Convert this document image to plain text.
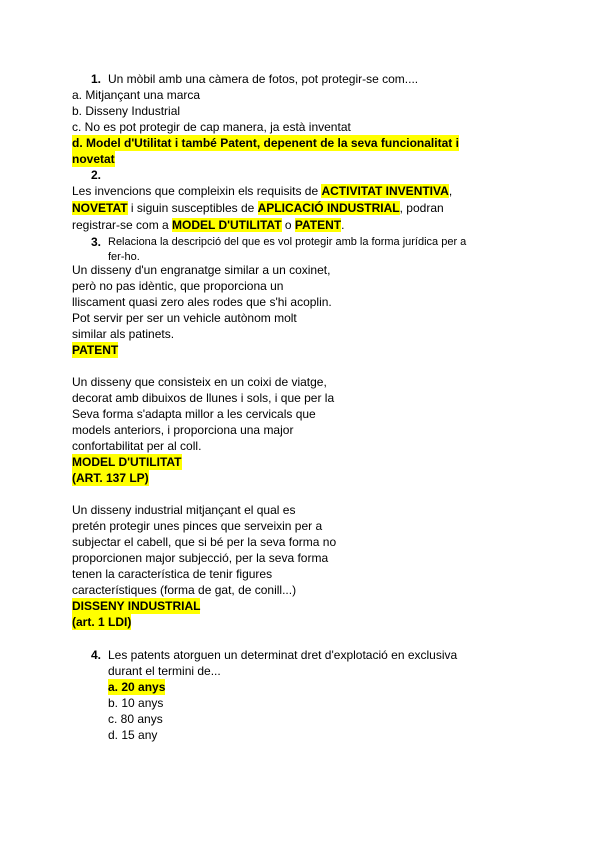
1. Un mòbil amb una càmera de fotos, pot protegir-se com....
a. Mitjançant una marca
b. Disseny Industrial
c. No es pot protegir de cap manera, ja està inventat
d. Model d'Utilitat i també Patent, depenent de la seva funcionalitat i
novetat
2.
Les invencions que compleixin els requisits de ACTIVITAT INVENTIVA,
NOVETAT i siguin susceptibles de APLICACIÓ INDUSTRIAL, podran
registrar-se com a MODEL D'UTILITAT o PATENT.
3. Relaciona la descripció del que es vol protegir amb la forma jurídica per a
fer-ho.
Un disseny d'un engranatge similar a un coxinet,
però no pas idèntic, que proporciona un
lliscament quasi zero ales rodes que s'hi acoplin.
Pot servir per ser un vehicle autònom molt
similar als patinets.
PATENT
Un disseny que consisteix en un coixi de viatge,
decorat amb dibuixos de llunes i sols, i que per la
Seva forma s'adapta millor a les cervicals que
models anteriors, i proporciona una major
confortabilitat per al coll.
MODEL D'UTILITAT
(ART. 137 LP)
Un disseny industrial mitjançant el qual es
pretén protegir unes pinces que serveixin per a
subjectar el cabell, que si bé per la seva forma no
proporcionen major subjecció, per la seva forma
tenen la característica de tenir figures
característiques (forma de gat, de conill...)
DISSENY INDUSTRIAL
(art. 1 LDI)
4. Les patents atorguen un determinat dret d'explotació en exclusiva
durant el termini de...
a. 20 anys
b. 10 anys
c. 80 anys
d. 15 any
